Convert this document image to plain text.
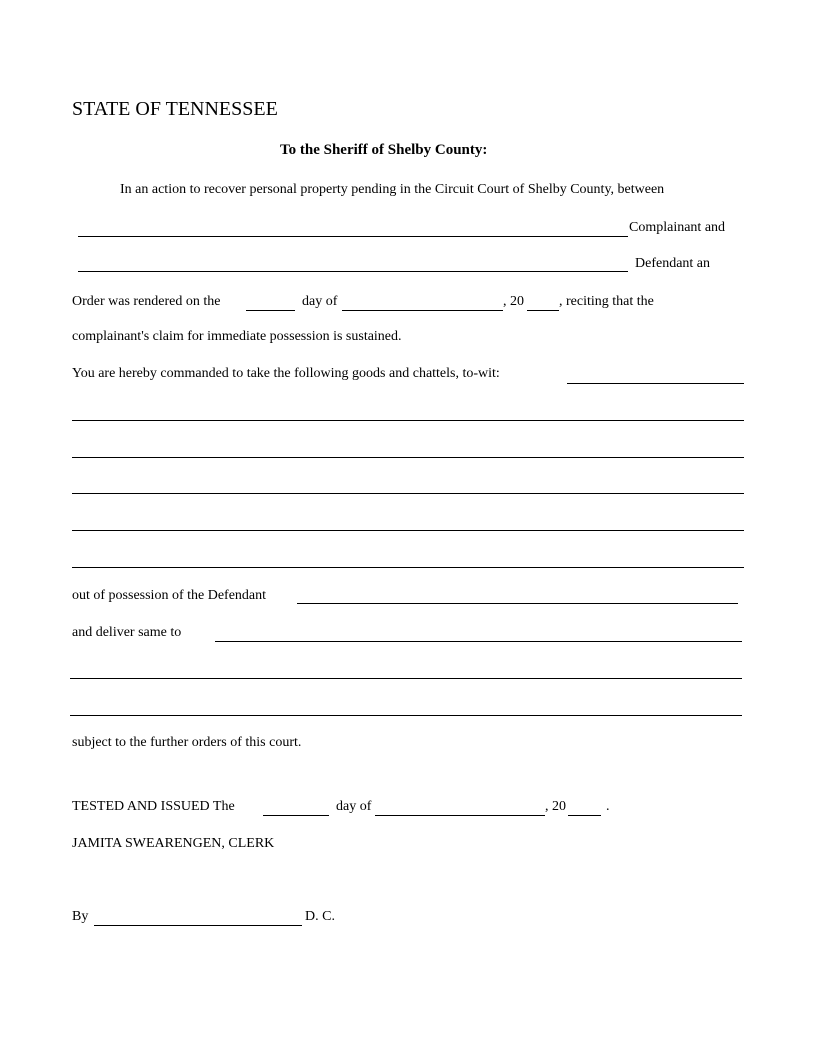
STATE OF TENNESSEE
To the Sheriff of Shelby County:
In an action to recover personal property pending in the Circuit Court of Shelby County, between
Complainant and
Defendant an
Order was rendered on the	day of	, 20	, reciting that the
complainant's claim for immediate possession is sustained.
You are hereby commanded to take the following goods and chattels, to-wit:
out of possession of the Defendant
and deliver same to
subject to the further orders of this court.
TESTED AND ISSUED The	day of	, 20	.
JAMITA SWEARENGEN, CLERK
By	D. C.
